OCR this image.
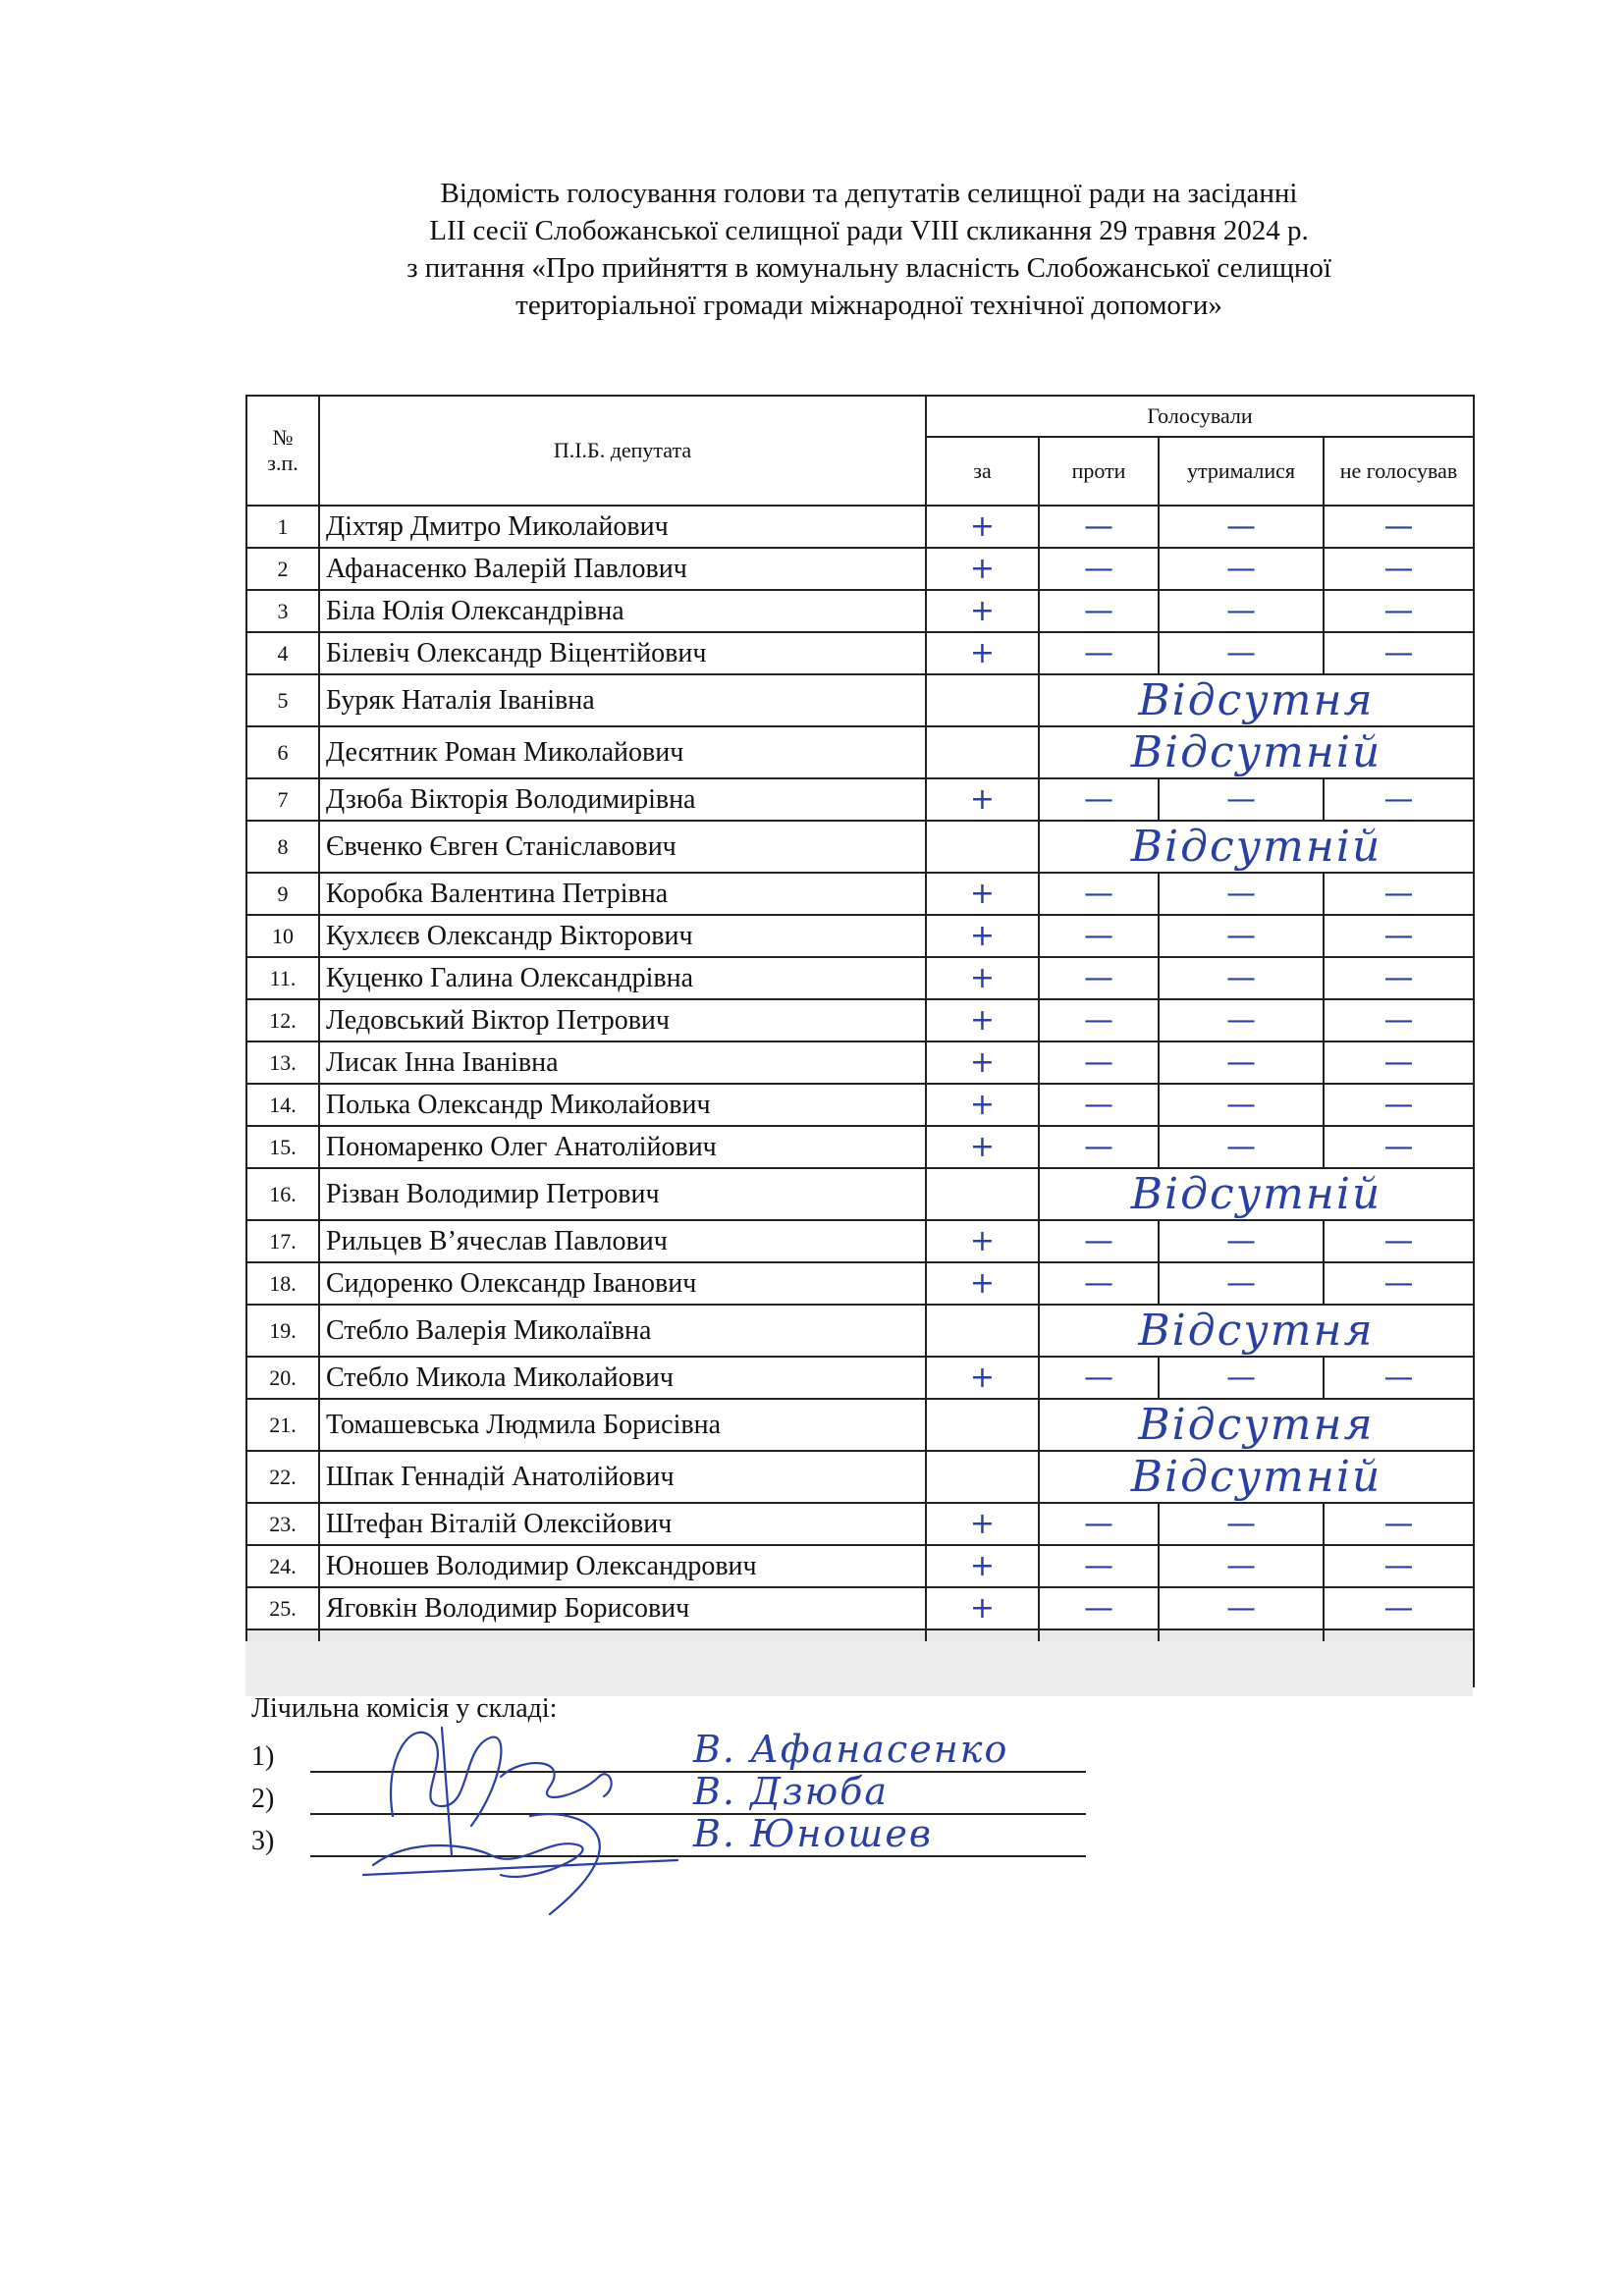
Відомість голосування голови та депутатів селищної ради на засіданні
LII сесії Слобожанської селищної ради VIII скликання 29 травня 2024 р.
з питання «Про прийняття в комунальну власність Слобожанської селищної
територіальної громади міжнародної технічної допомоги»
№
з.п.	П.І.Б. депутата	Голосували			
		за	проти	утрималися	не голосував
1	Діхтяр Дмитро Миколайович	+	—	—	—
2	Афанасенко Валерій Павлович	+	—	—	—
3	Біла Юлія Олександрівна	+	—	—	—
4	Білевіч Олександр Віцентійович	+	—	—	—
5	Буряк Наталія Іванівна		Відсутня		
6	Десятник Роман Миколайович		Відсутній		
7	Дзюба Вікторія Володимирівна	+	—	—	—
8	Євченко Євген Станіславович		Відсутній		
9	Коробка Валентина Петрівна	+	—	—	—
10	Кухлєєв Олександр Вікторович	+	—	—	—
11.	Куценко Галина Олександрівна	+	—	—	—
12.	Ледовський Віктор Петрович	+	—	—	—
13.	Лисак Інна Іванівна	+	—	—	—
14.	Полька Олександр Миколайович	+	—	—	—
15.	Пономаренко Олег Анатолійович	+	—	—	—
16.	Різван Володимир Петрович		Відсутній		
17.	Рильцев В’ячеслав Павлович	+	—	—	—
18.	Сидоренко Олександр Іванович	+	—	—	—
19.	Стебло Валерія Миколаївна		Відсутня		
20.	Стебло Микола Миколайович	+	—	—	—
21.	Томашевська Людмила Борисівна		Відсутня		
22.	Шпак Геннадій Анатолійович		Відсутній		
23.	Штефан Віталій Олексійович	+	—	—	—
24.	Юношев Володимир Олександрович	+	—	—	—
25.	Яговкін Володимир Борисович	+	—	—	—

Лічильна комісія у складі:
1)	В. Афанасенко
2)	В. Дзюба
3)	В. Юношев
